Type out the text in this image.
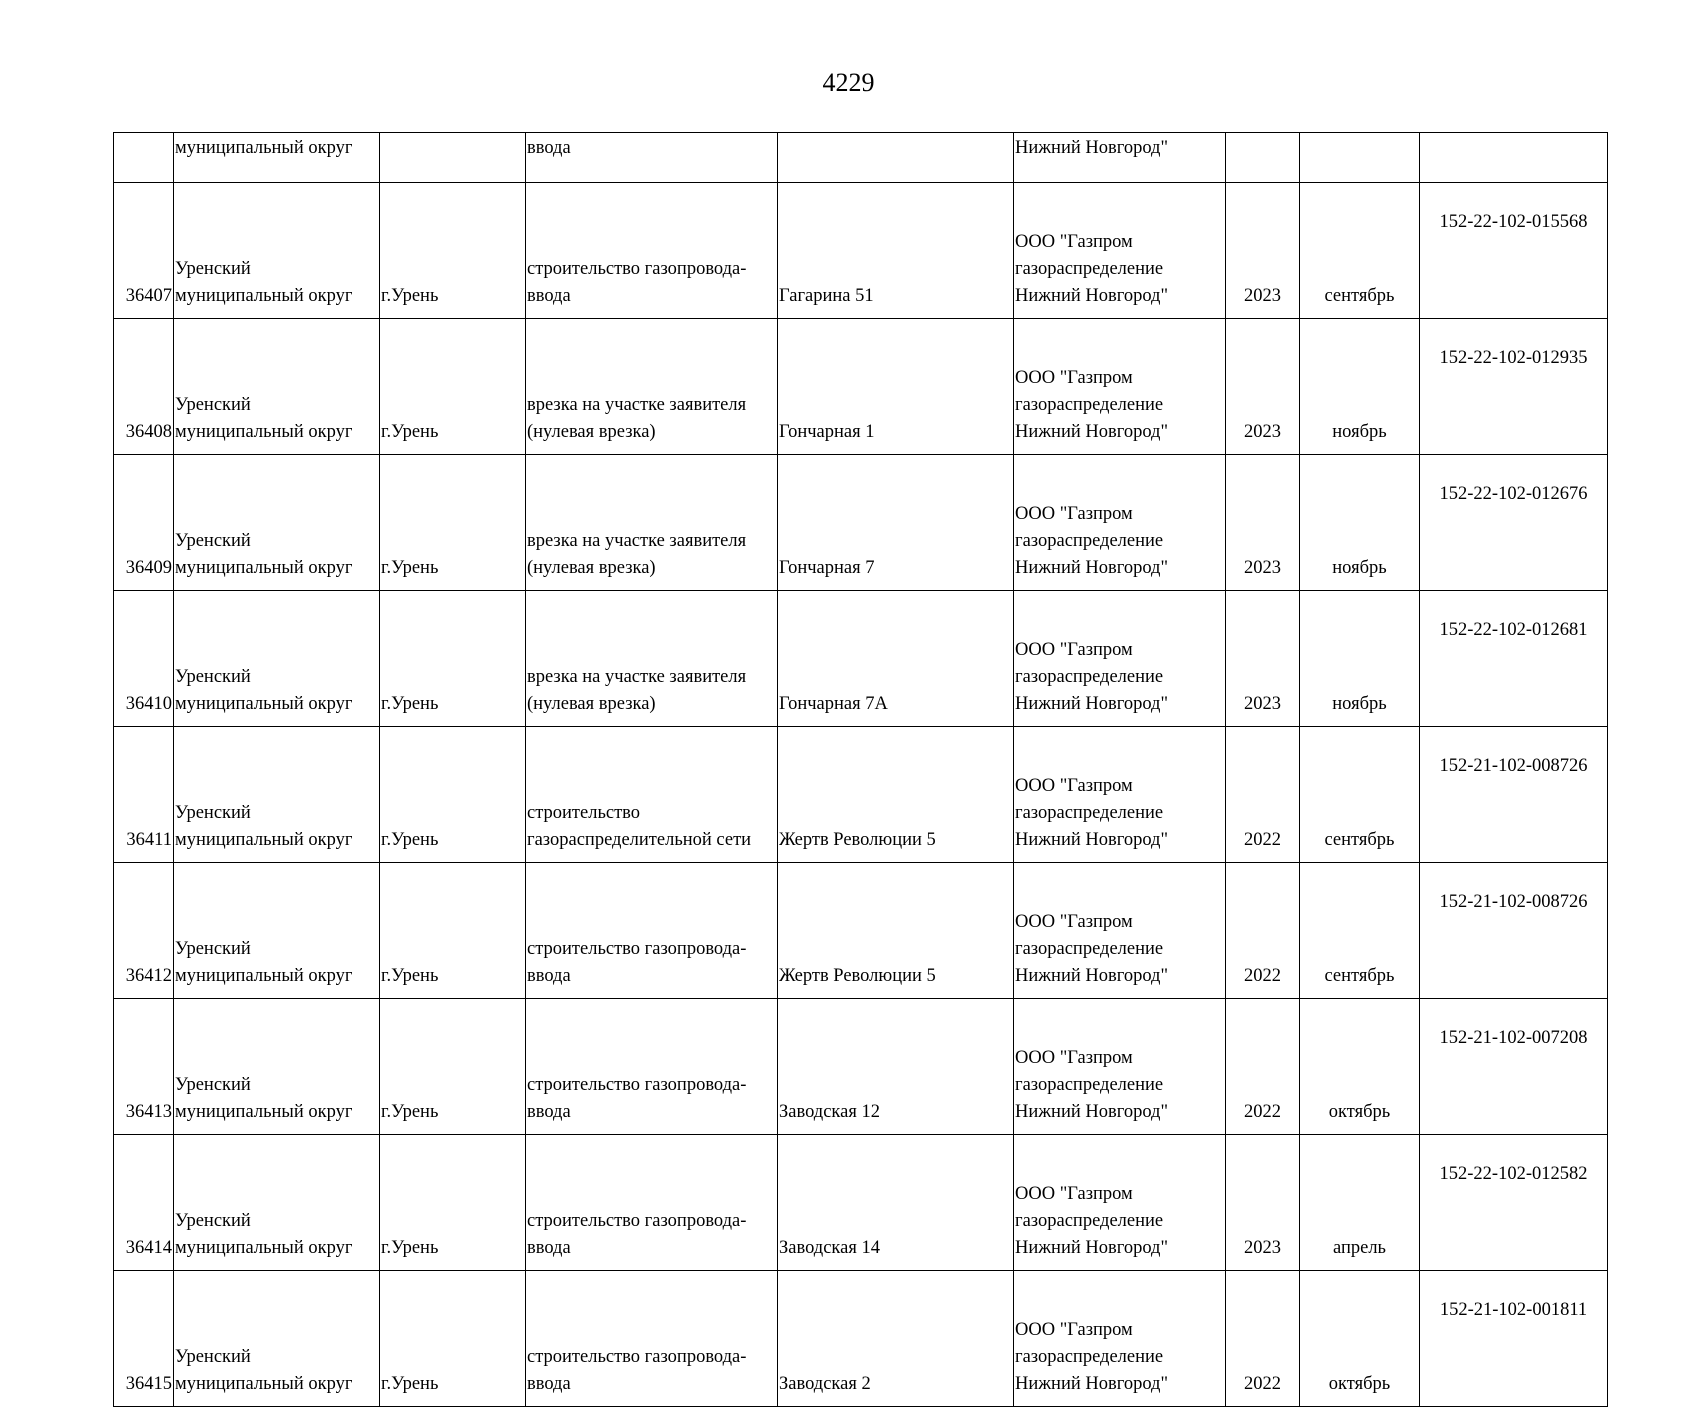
4229
	муниципальный округ		ввода		Нижний Новгород"			
36407	Уренский
муниципальный округ	г.Урень	строительство газопровода-
ввода	Гагарина 51	ООО "Газпром
газораспределение
Нижний Новгород"	2023	сентябрь	152-22-102-015568
36408	Уренский
муниципальный округ	г.Урень	врезка на участке заявителя
(нулевая врезка)	Гончарная 1	ООО "Газпром
газораспределение
Нижний Новгород"	2023	ноябрь	152-22-102-012935
36409	Уренский
муниципальный округ	г.Урень	врезка на участке заявителя
(нулевая врезка)	Гончарная 7	ООО "Газпром
газораспределение
Нижний Новгород"	2023	ноябрь	152-22-102-012676
36410	Уренский
муниципальный округ	г.Урень	врезка на участке заявителя
(нулевая врезка)	Гончарная 7А	ООО "Газпром
газораспределение
Нижний Новгород"	2023	ноябрь	152-22-102-012681
36411	Уренский
муниципальный округ	г.Урень	строительство
газораспределительной сети	Жертв Революции 5	ООО "Газпром
газораспределение
Нижний Новгород"	2022	сентябрь	152-21-102-008726
36412	Уренский
муниципальный округ	г.Урень	строительство газопровода-
ввода	Жертв Революции 5	ООО "Газпром
газораспределение
Нижний Новгород"	2022	сентябрь	152-21-102-008726
36413	Уренский
муниципальный округ	г.Урень	строительство газопровода-
ввода	Заводская 12	ООО "Газпром
газораспределение
Нижний Новгород"	2022	октябрь	152-21-102-007208
36414	Уренский
муниципальный округ	г.Урень	строительство газопровода-
ввода	Заводская 14	ООО "Газпром
газораспределение
Нижний Новгород"	2023	апрель	152-22-102-012582
36415	Уренский
муниципальный округ	г.Урень	строительство газопровода-
ввода	Заводская 2	ООО "Газпром
газораспределение
Нижний Новгород"	2022	октябрь	152-21-102-001811
